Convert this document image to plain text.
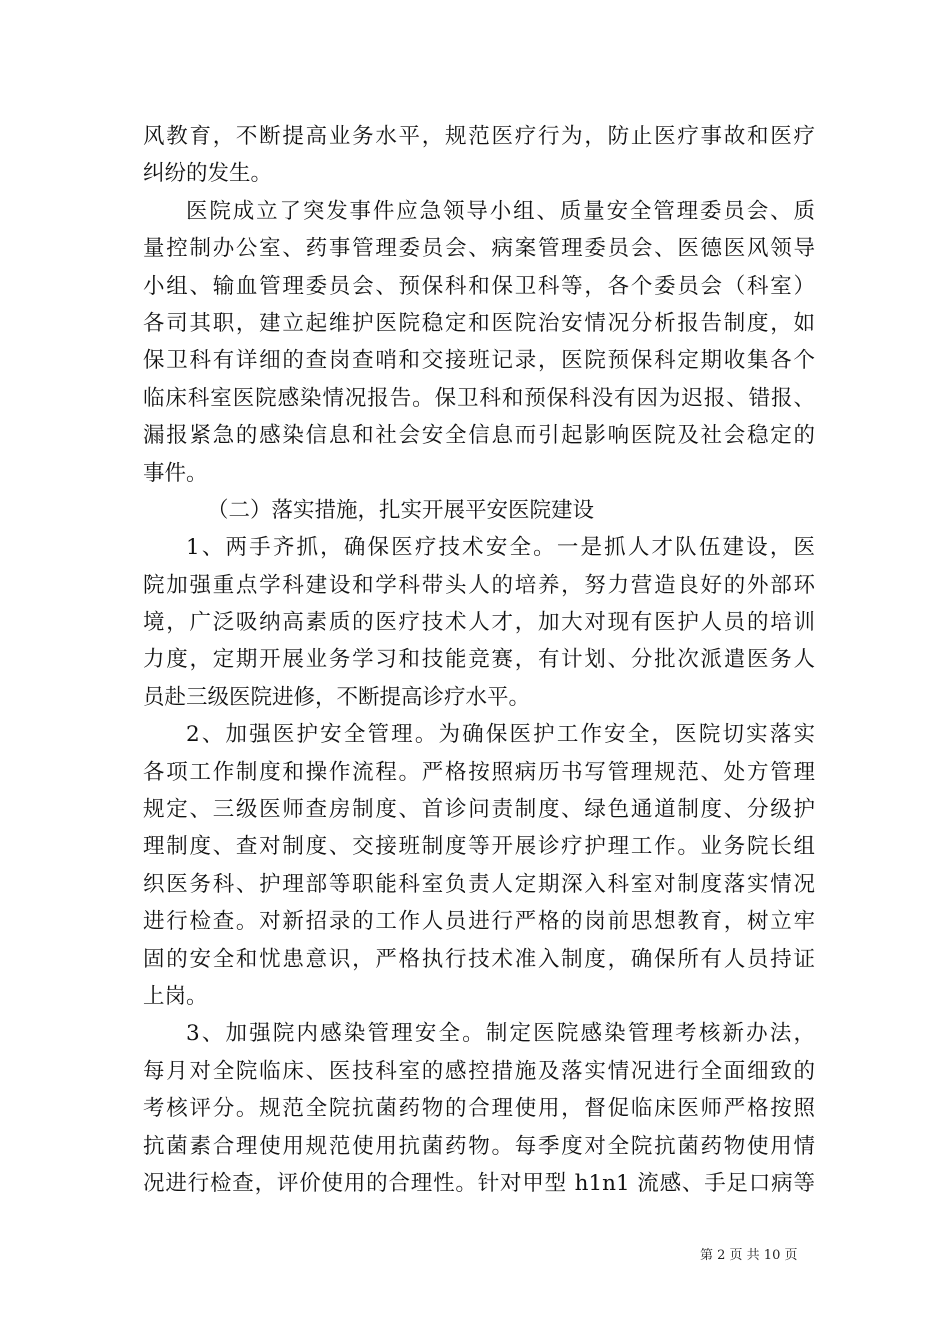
风教育，不断提高业务水平，规范医疗行为，防止医疗事故和医疗
纠纷的发生。
医院成立了突发事件应急领导小组、质量安全管理委员会、质
量控制办公室、药事管理委员会、病案管理委员会、医德医风领导
小组、输血管理委员会、预保科和保卫科等，各个委员会（科室）
各司其职，建立起维护医院稳定和医院治安情况分析报告制度，如
保卫科有详细的查岗查哨和交接班记录，医院预保科定期收集各个
临床科室医院感染情况报告。保卫科和预保科没有因为迟报、错报、
漏报紧急的感染信息和社会安全信息而引起影响医院及社会稳定的
事件。
（二）落实措施，扎实开展平安医院建设
1、两手齐抓，确保医疗技术安全。一是抓人才队伍建设，医
院加强重点学科建设和学科带头人的培养，努力营造良好的外部环
境，广泛吸纳高素质的医疗技术人才，加大对现有医护人员的培训
力度，定期开展业务学习和技能竞赛，有计划、分批次派遣医务人
员赴三级医院进修，不断提高诊疗水平。
2、加强医护安全管理。为确保医护工作安全，医院切实落实
各项工作制度和操作流程。严格按照病历书写管理规范、处方管理
规定、三级医师查房制度、首诊问责制度、绿色通道制度、分级护
理制度、查对制度、交接班制度等开展诊疗护理工作。业务院长组
织医务科、护理部等职能科室负责人定期深入科室对制度落实情况
进行检查。对新招录的工作人员进行严格的岗前思想教育，树立牢
固的安全和忧患意识，严格执行技术准入制度，确保所有人员持证
上岗。
3、加强院内感染管理安全。制定医院感染管理考核新办法，
每月对全院临床、医技科室的感控措施及落实情况进行全面细致的
考核评分。规范全院抗菌药物的合理使用，督促临床医师严格按照
抗菌素合理使用规范使用抗菌药物。每季度对全院抗菌药物使用情
况进行检查，评价使用的合理性。针对甲型 h1n1 流感、手足口病等
第 2 页 共 10 页
